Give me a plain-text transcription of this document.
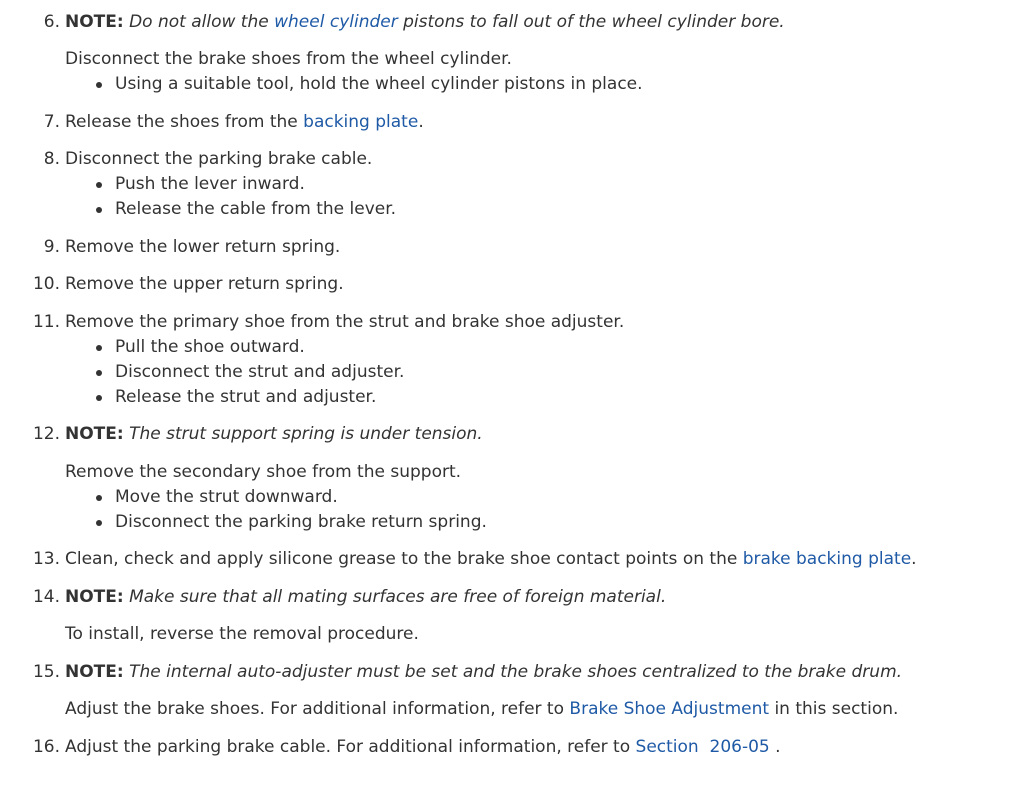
6. NOTE: Do not allow the wheel cylinder pistons to fall out of the wheel cylinder bore.
Disconnect the brake shoes from the wheel cylinder.
Using a suitable tool, hold the wheel cylinder pistons in place.
7. Release the shoes from the backing plate.
8. Disconnect the parking brake cable.
Push the lever inward.
Release the cable from the lever.
9. Remove the lower return spring.
10. Remove the upper return spring.
11. Remove the primary shoe from the strut and brake shoe adjuster.
Pull the shoe outward.
Disconnect the strut and adjuster.
Release the strut and adjuster.
12. NOTE: The strut support spring is under tension.
Remove the secondary shoe from the support.
Move the strut downward.
Disconnect the parking brake return spring.
13. Clean, check and apply silicone grease to the brake shoe contact points on the brake backing plate.
14. NOTE: Make sure that all mating surfaces are free of foreign material.
To install, reverse the removal procedure.
15. NOTE: The internal auto-adjuster must be set and the brake shoes centralized to the brake drum.
Adjust the brake shoes. For additional information, refer to Brake Shoe Adjustment in this section.
16. Adjust the parking brake cable. For additional information, refer to Section  206-05 .
